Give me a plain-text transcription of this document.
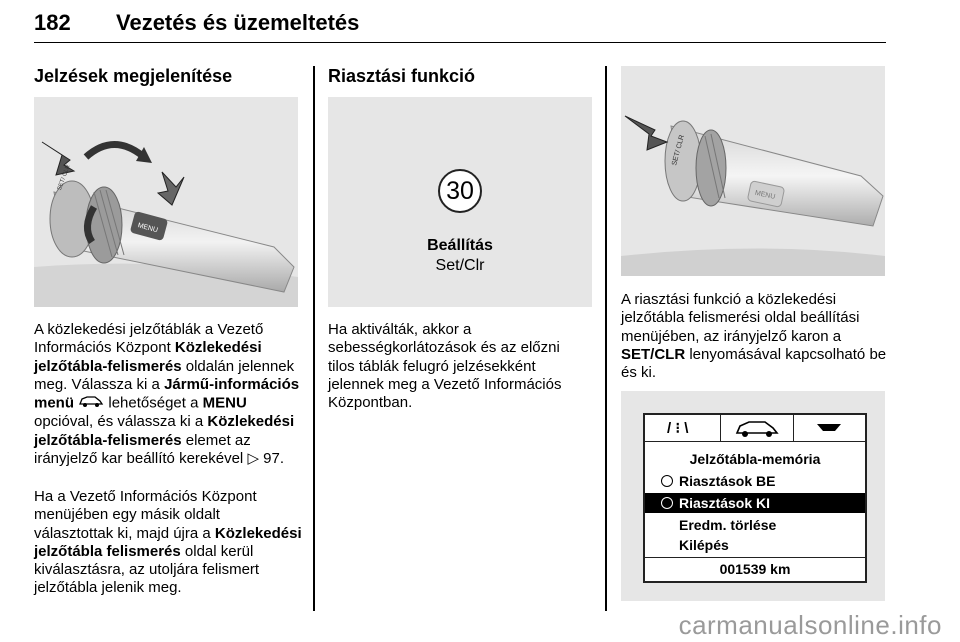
182 Vezetés és üzemeltetés
Jelzések megjelenítése
MENU
SET/ CLR
A közlekedési jelzőtáblák a Vezető Információs Központ Közlekedési jelzőtábla-felismerés oldalán jelennek meg. Válassza ki a Jármű-információs menü  lehetőséget a MENU opcióval, és válassza ki a Közlekedési jelzőtábla-felismerés elemet az irányjelző kar beállító kerekével ▷ 97.
Ha a Vezető Információs Központ menüjében egy másik oldalt választottak ki, majd újra a Közlekedési jelzőtábla felismerés oldal kerül kiválasztásra, az utoljára felismert jelzőtábla jelenik meg.
Riasztási funkció
30
Beállítás
Set/Clr
Ha aktiválták, akkor a sebességkorlátozások és az előzni tilos táblák felugró jelzésekként jelennek meg a Vezető Információs Központban.
MENU
SET/ CLR
A riasztási funkció a közlekedési jelzőtábla felismerési oldal beállítási menüjében, az irányjelző karon a SET/CLR lenyomásával kapcsolható be és ki.
/ ⁝ \
Jelzőtábla-memória
Riasztások BE
Riasztások KI
Eredm. törlése
Kilépés
001539 km
carmanualsonline.info
